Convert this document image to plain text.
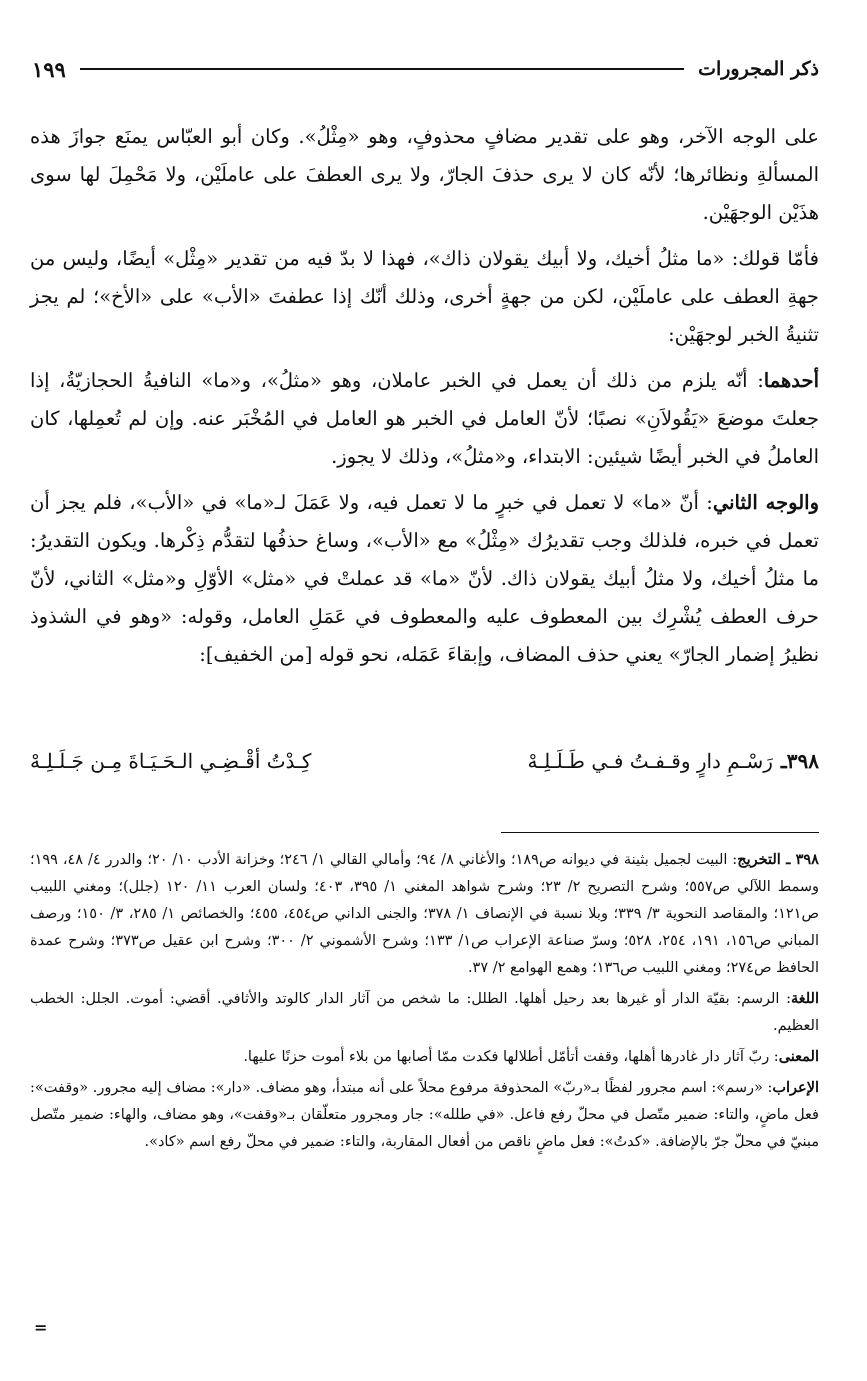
ذكر المجرورات
١٩٩

على الوجه الآخر، وهو على تقدير مضافٍ محذوفٍ، وهو «مِثْلُ». وكان أبو العبّاس يمنَع جوازَ هذه المسألةِ ونظائرها؛ لأنّه كان لا يرى حذفَ الجارّ، ولا يرى العطفَ على عاملَيْن، ولا مَحْمِلَ لها سوى هذَيْن الوجهَيْن.

فأمّا قولك: «ما مثلُ أخيك، ولا أبيك يقولان ذاك»، فهذا لا بدّ فيه من تقدير «مِثْل» أيضًا، وليس من جهةِ العطف على عاملَيْن، لكن من جهةٍ أخرى، وذلك أنّك إذا عطفتَ «الأب» على «الأخ»؛ لم يجز تثنيةُ الخبر لوجهَيْن:

أحدهما: أنّه يلزم من ذلك أن يعمل في الخبر عاملان، وهو «مثلُ»، و«ما» النافيةُ الحجازيّةُ، إذا جعلتَ موضعَ «يَقُولاَنِ» نصبًا؛ لأنّ العامل في الخبر هو العامل في المُخْبَر عنه. وإن لم تُعمِلها، كان العاملُ في الخبر أيضًا شيئين: الابتداء، و«مثلُ»، وذلك لا يجوز.

والوجه الثاني: أنّ «ما» لا تعمل في خبرٍ ما لا تعمل فيه، ولا عَمَلَ لـ«ما» في «الأب»، فلم يجز أن تعمل في خبره، فلذلك وجب تقديرُك «مِثْلُ» مع «الأب»، وساغ حذفُها لتقدُّم ذِكْرها. ويكون التقديرُ: ما مثلُ أخيك، ولا مثلُ أبيك يقولان ذاك. لأنّ «ما» قد عملتْ في «مثل» الأوّلِ و«مثل» الثاني، لأنّ حرف العطف يُشْرِك بين المعطوف عليه والمعطوف في عَمَلِ العامل، وقوله: «وهو في الشذوذ نظيرُ إضمار الجارّ» يعني حذف المضاف، وإبقاءَ عَمَله، نحو قوله [من الخفيف]:

٣٩٨ـ
رَسْـمِ دارٍ وقـفـتُ فـي طَـلَـلِـهْ
كِـدْتُ أقْـضِـي الـحَـيَـاةَ مِـن جَـلَـلِـهْ

٣٩٨ ـ التخريج: البيت لجميل بثينة في ديوانه ص١٨٩؛ والأغاني ٨/ ٩٤؛ وأمالي القالي ١/ ٢٤٦؛ وخزانة الأدب ١٠/ ٢٠؛ والدرر ٤/ ٤٨، ١٩٩؛ وسمط اللآلي ص٥٥٧؛ وشرح التصريح ٢/ ٢٣؛ وشرح شواهد المغني ١/ ٣٩٥، ٤٠٣؛ ولسان العرب ١١/ ١٢٠ (جلل)؛ ومغني اللبيب ص١٢١؛ والمقاصد النحوية ٣/ ٣٣٩؛ وبلا نسبة في الإنصاف ١/ ٣٧٨؛ والجنى الداني ص٤٥٤، ٤٥٥؛ والخصائص ١/ ٢٨٥، ٣/ ١٥٠؛ ورصف المباني ص١٥٦، ١٩١، ٢٥٤، ٥٢٨؛ وسرّ صناعة الإعراب ص١/ ١٣٣؛ وشرح الأشموني ٢/ ٣٠٠؛ وشرح ابن عقيل ص٣٧٣؛ وشرح عمدة الحافظ ص٢٧٤؛ ومغني اللبيب ص١٣٦؛ وهمع الهوامع ٢/ ٣٧.

اللغة: الرسم: بقيّة الدار أو غيرها بعد رحيل أهلها. الطلل: ما شخص من آثار الدار كالوتد والأثافي. أقضي: أموت. الجلل: الخطب العظيم.

المعنى: ربّ آثار دار غادرها أهلها، وقفت أتأمّل أطلالها فكدت ممّا أصابها من بلاء أموت حزنًا عليها.

الإعراب: «رسم»: اسم مجرور لفظًا بـ«ربّ» المحذوفة مرفوع محلاً على أنه مبتدأ، وهو مضاف. «دار»: مضاف إليه مجرور. «وقفت»: فعل ماضٍ، والتاء: ضمير متّصل في محلّ رفع فاعل. «في طلله»: جار ومجرور متعلّقان بـ«وقفت»، وهو مضاف، والهاء: ضمير متّصل مبنيّ في محلّ جرّ بالإضافة. «كدتُ»: فعل ماضٍ ناقص من أفعال المقاربة، والتاء: ضمير في محلّ رفع اسم «كاد».

=
